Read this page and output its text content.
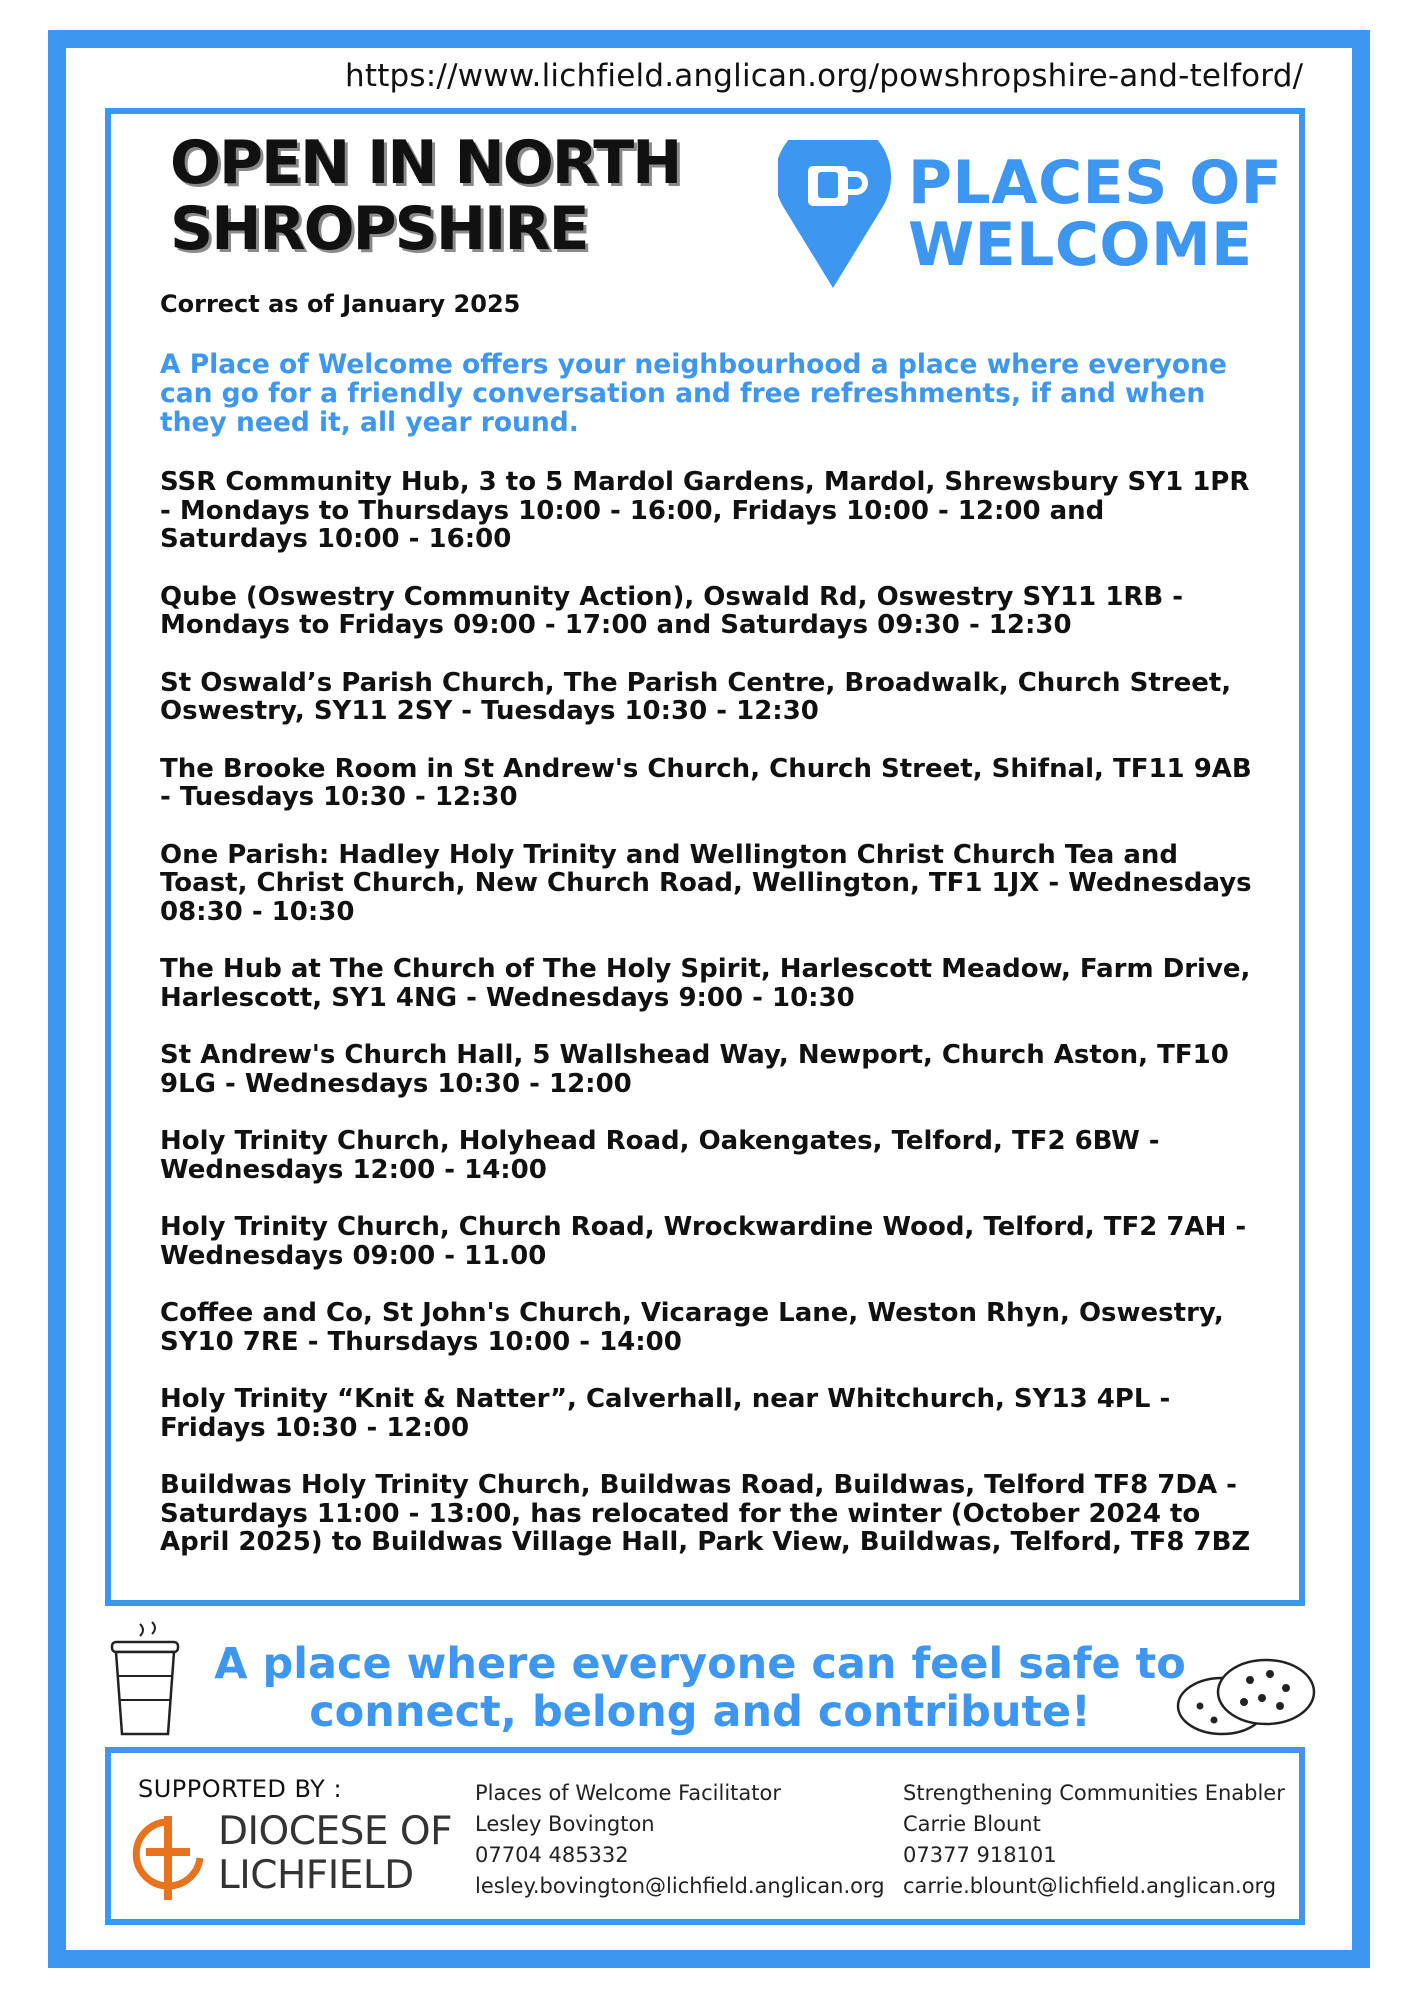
https://www.lichfield.anglican.org/powshropshire-and-telford/
OPEN IN NORTH
SHROPSHIRE
PLACES OF
WELCOME
Correct as of January 2025
A Place of Welcome offers your neighbourhood a place where everyone can go for a friendly conversation and free refreshments, if and when they need it, all year round.
SSR Community Hub, 3 to 5 Mardol Gardens, Mardol, Shrewsbury SY1 1PR - Mondays to Thursdays 10:00 - 16:00, Fridays 10:00 - 12:00 and Saturdays 10:00 - 16:00
Qube (Oswestry Community Action), Oswald Rd, Oswestry SY11 1RB - Mondays to Fridays 09:00 - 17:00 and Saturdays 09:30 - 12:30
St Oswald’s Parish Church, The Parish Centre, Broadwalk, Church Street, Oswestry, SY11 2SY - Tuesdays 10:30 - 12:30
The Brooke Room in St Andrew's Church, Church Street, Shifnal, TF11 9AB - Tuesdays 10:30 - 12:30
One Parish: Hadley Holy Trinity and Wellington Christ Church Tea and Toast, Christ Church, New Church Road, Wellington, TF1 1JX - Wednesdays 08:30 - 10:30
The Hub at The Church of The Holy Spirit, Harlescott Meadow, Farm Drive, Harlescott, SY1 4NG - Wednesdays 9:00 - 10:30
St Andrew's Church Hall, 5 Wallshead Way, Newport, Church Aston, TF10 9LG - Wednesdays 10:30 - 12:00
Holy Trinity Church, Holyhead Road, Oakengates, Telford, TF2 6BW - Wednesdays 12:00 - 14:00
Holy Trinity Church, Church Road, Wrockwardine Wood, Telford, TF2 7AH - Wednesdays 09:00 - 11.00
Coffee and Co, St John's Church, Vicarage Lane, Weston Rhyn, Oswestry, SY10 7RE - Thursdays 10:00 - 14:00
Holy Trinity “Knit & Natter”, Calverhall, near Whitchurch, SY13 4PL - Fridays 10:30 - 12:00
Buildwas Holy Trinity Church, Buildwas Road, Buildwas, Telford TF8 7DA - Saturdays 11:00 - 13:00, has relocated for the winter (October 2024 to April 2025) to Buildwas Village Hall, Park View, Buildwas, Telford, TF8 7BZ
A place where everyone can feel safe to
connect, belong and contribute!
SUPPORTED BY :
DIOCESE OF
LICHFIELD
Places of Welcome Facilitator
Lesley Bovington
07704 485332
lesley.bovington@lichfield.anglican.org
Strengthening Communities Enabler
Carrie Blount
07377 918101
carrie.blount@lichfield.anglican.org
